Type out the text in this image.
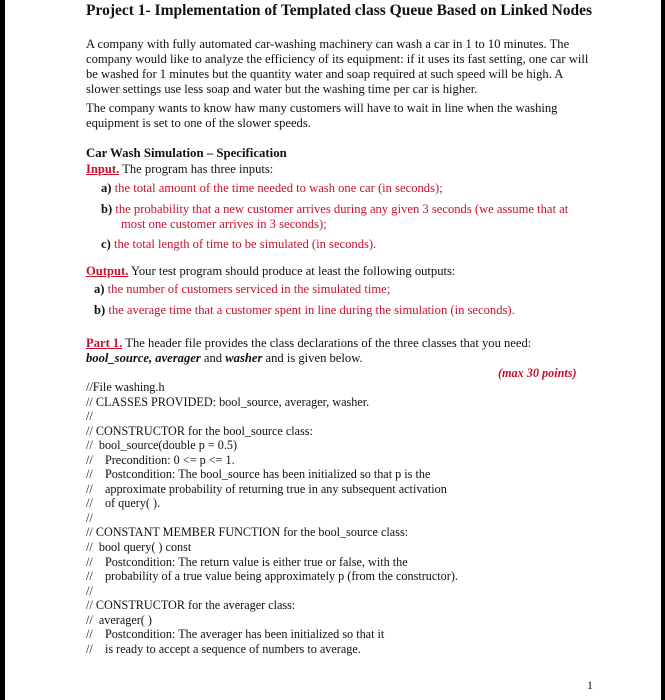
Project 1- Implementation of Templated class Queue Based on Linked Nodes

A company with fully automated car-washing machinery can wash a car in 1 to 10 minutes. The company would like to analyze the efficiency of its equipment: if it uses its fast setting, one car will be washed for 1 minutes but the quantity water and soap required at such speed will be high. A slower settings use less soap and water but the washing time per car is higher.

The company wants to know haw many customers will have to wait in line when the washing equipment is set to one of the slower speeds.

Car Wash Simulation – Specification
Input. The program has three inputs:
a) the total amount of the time needed to wash one car (in seconds);
b) the probability that a new customer arrives during any given 3 seconds (we assume that at most one customer arrives in 3 seconds);
c) the total length of time to be simulated (in seconds).
Output. Your test program should produce at least the following outputs:
a) the number of customers serviced in the simulated time;
b) the average time that a customer spent in line during the simulation (in seconds).
Part 1. The header file provides the class declarations of the three classes that you need:
bool_source, averager and washer and is given below.
(max 30 points)
//File washing.h
// CLASSES PROVIDED: bool_source, averager, washer.
//
// CONSTRUCTOR for the bool_source class:
//  bool_source(double p = 0.5)
//    Precondition: 0 <= p <= 1.
//    Postcondition: The bool_source has been initialized so that p is the
//    approximate probability of returning true in any subsequent activation
//    of query( ).
//
// CONSTANT MEMBER FUNCTION for the bool_source class:
//  bool query( ) const
//    Postcondition: The return value is either true or false, with the
//    probability of a true value being approximately p (from the constructor).
//
// CONSTRUCTOR for the averager class:
//  averager( )
//    Postcondition: The averager has been initialized so that it
//    is ready to accept a sequence of numbers to average.
1
